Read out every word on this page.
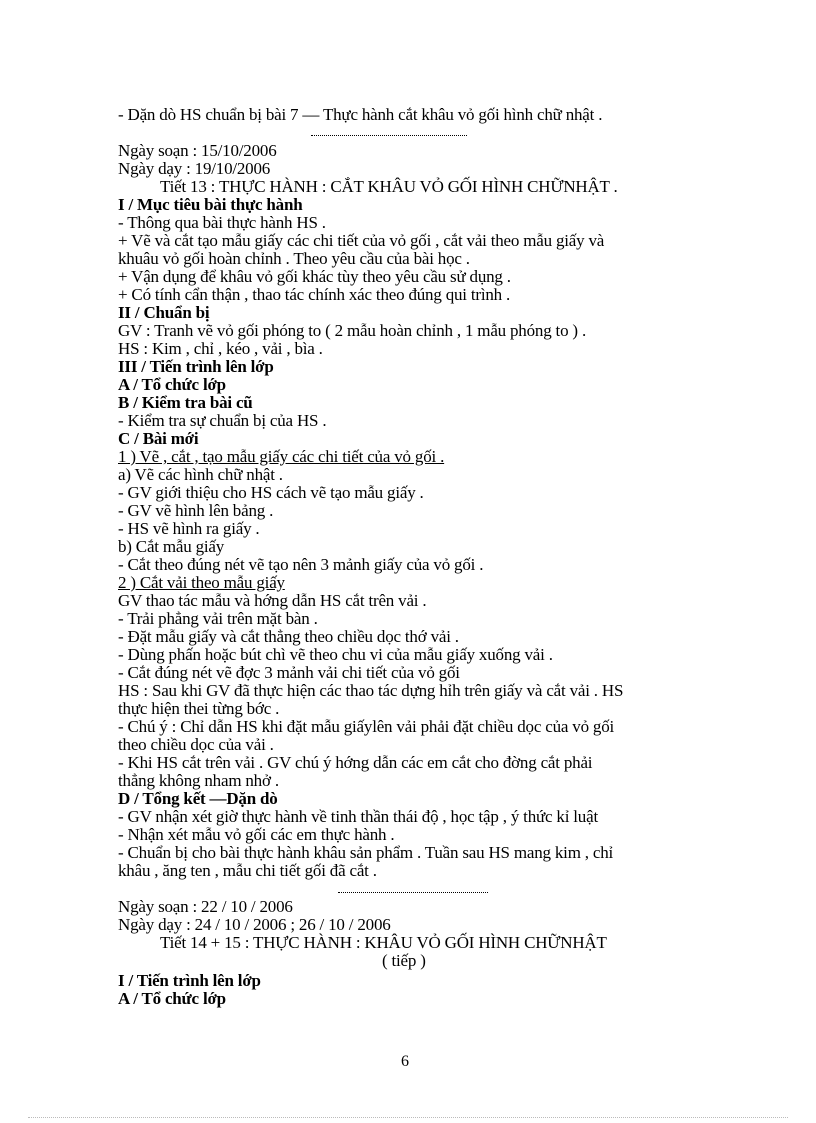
- Dặn dò HS chuẩn bị bài 7 — Thực hành cắt khâu vỏ gối hình chữ nhật .
Ngày soạn : 15/10/2006
Ngày dạy : 19/10/2006
Tiết 13 : THỰC HÀNH : CẮT KHÂU VỎ GỐI HÌNH CHỮNHẬT .
I / Mục tiêu bài thực hành
- Thông qua bài thực hành HS .
+ Vẽ và cắt tạo mẫu giấy các chi tiết của vỏ gối , cắt vải theo mẫu giấy và
khuâu vỏ gối hoàn chỉnh . Theo yêu cầu của bài học .
+ Vận dụng để khâu vỏ gối khác tùy theo yêu cầu sử dụng .
+ Có tính cẩn thận , thao tác chính xác theo đúng qui trình .
II / Chuẩn bị
GV : Tranh vẽ vỏ gối phóng to ( 2 mẫu hoàn chỉnh , 1 mẫu phóng to ) .
HS : Kim , chỉ , kéo , vải , bìa .
III / Tiến trình lên lớp
A / Tổ chức lớp
B / Kiểm tra bài cũ
- Kiểm tra sự chuẩn bị của HS .
C / Bài mới
1 ) Vẽ , cắt , tạo mẫu giấy các chi tiết của vỏ gối .
a) Vẽ các hình chữ nhật .
- GV giới thiệu cho HS cách vẽ tạo mẫu giấy .
- GV vẽ hình lên bảng .
- HS vẽ hình ra giấy .
b) Cắt mẫu giấy
- Cắt theo đúng nét vẽ tạo nên 3 mảnh giấy của vỏ gối .
2 ) Cắt vải theo mẫu giấy
GV thao tác mẫu và hớng dẫn HS cắt trên vải .
- Trải phẳng vải trên mặt bàn .
- Đặt mẫu giấy và cắt thẳng theo chiều dọc thớ vải .
- Dùng phấn hoặc bút chì vẽ theo chu vi của mẫu giấy xuống vải .
- Cắt đúng nét vẽ đợc 3 mảnh vải chi tiết của vỏ gối
HS : Sau khi GV đã thực hiện các thao tác dựng hỉh trên giấy và cắt vải . HS
thực hiện thei từng bớc .
- Chú ý : Chỉ dẫn HS khi đặt mẫu giấylên vải phải đặt chiều dọc của vỏ gối
theo chiều dọc của vải .
- Khi HS cắt trên vải . GV chú ý hớng dẫn các em cắt cho đờng cắt phải
thẳng không nham nhở .
D / Tổng kết —Dặn dò
- GV nhận xét giờ thực hành về tinh thần thái độ , học tập , ý thức kỉ luật
- Nhận xét mẫu vỏ gối các em thực hành .
- Chuẩn bị cho bài thực hành khâu sản phẩm . Tuần sau HS mang kim , chỉ
khâu , ăng ten , mẫu chi tiết gối đã cắt .
Ngày soạn : 22 / 10 / 2006
Ngày dạy : 24 / 10 / 2006 ; 26 / 10 / 2006
Tiết 14 + 15 : THỰC HÀNH : KHÂU VỎ GỐI HÌNH CHỮNHẬT
( tiếp )
I / Tiến trình lên lớp
A / Tổ chức lớp
6
